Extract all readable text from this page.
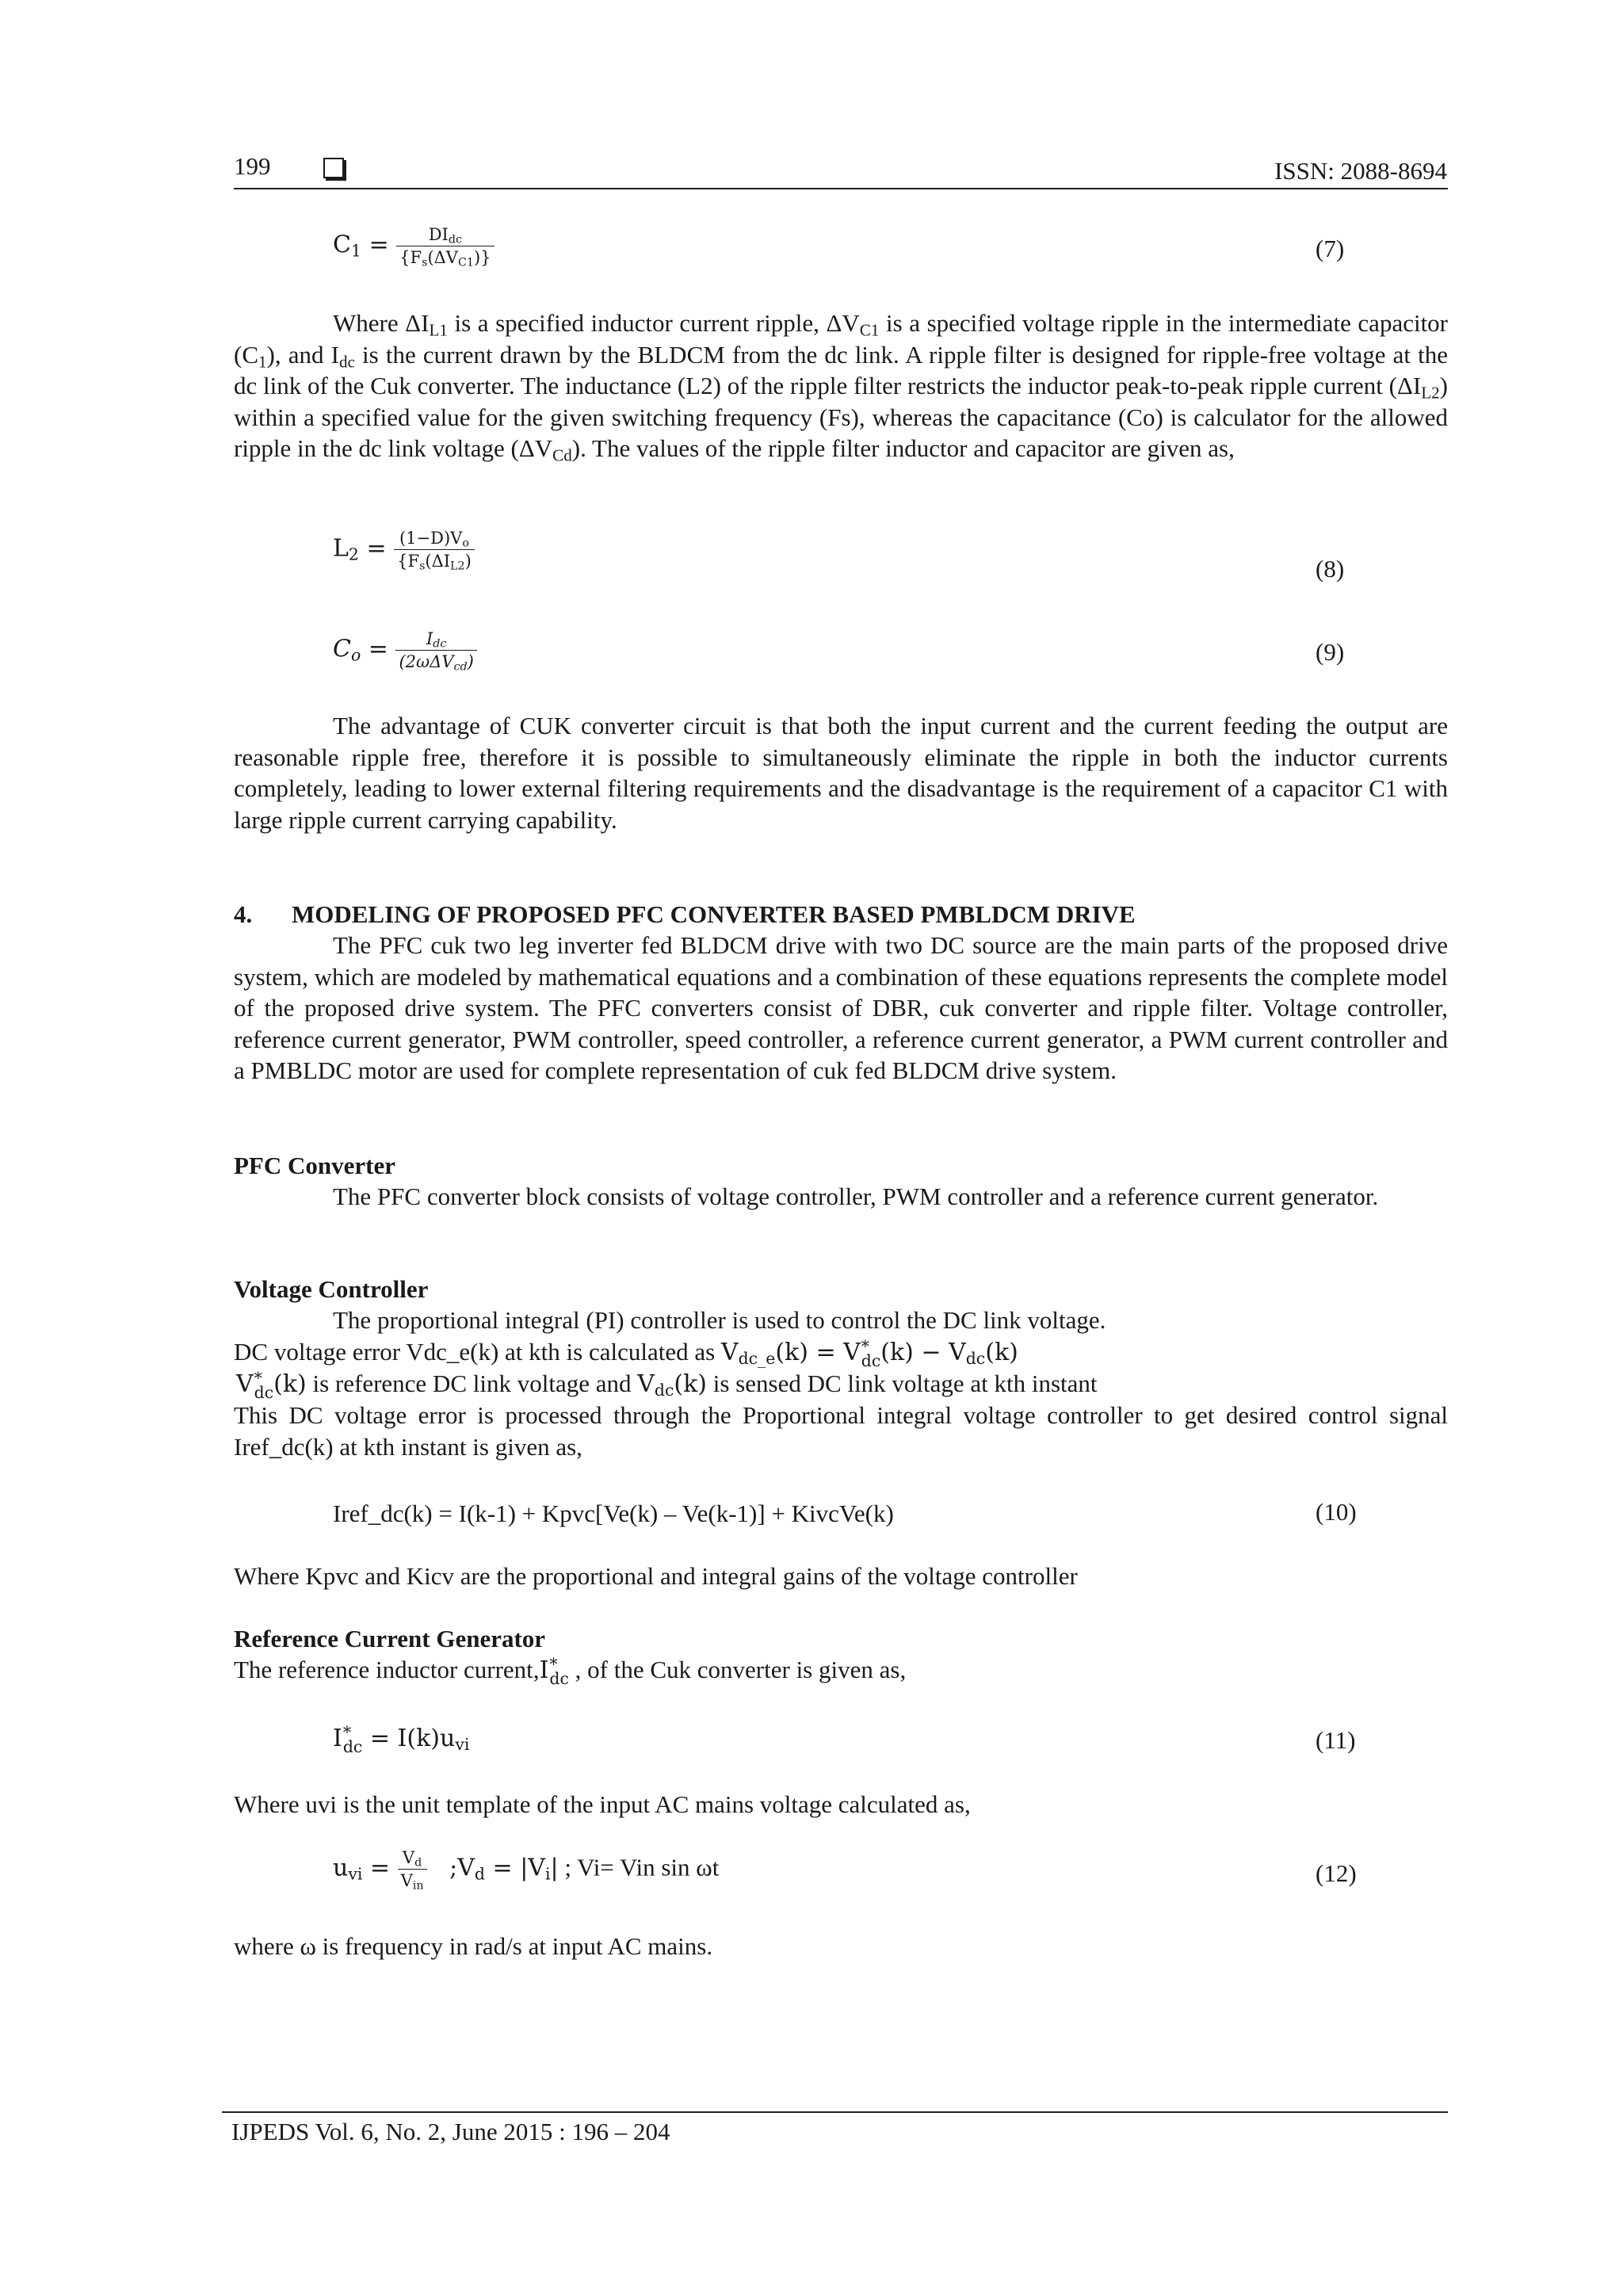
199	ISSN: 2088-8694
$C_1 = \frac{DI_{dc}}{\{F_s(\Delta V_{C1})\}}$	(7)
Where $\Delta I_{L1}$ is a specified inductor current ripple, $\Delta V_{C1}$ is a specified voltage ripple in the intermediate capacitor $(C_1)$, and $I_{dc}$ is the current drawn by the BLDCM from the dc link. A ripple filter is designed for ripple-free voltage at the dc link of the Cuk converter. The inductance (L2) of the ripple filter restricts the inductor peak-to-peak ripple current $(\Delta I_{L2})$ within a specified value for the given switching frequency (Fs), whereas the capacitance (Co) is calculator for the allowed ripple in the dc link voltage $(\Delta V_{Cd})$. The values of the ripple filter inductor and capacitor are given as,
$L_2 = \frac{(1-D)V_o}{\{F_s(\Delta I_{L2})}$	(8)
$C_o = \frac{I_{dc}}{(2\omega\Delta V_{cd})}$	(9)
The advantage of CUK converter circuit is that both the input current and the current feeding the output are reasonable ripple free, therefore it is possible to simultaneously eliminate the ripple in both the inductor currents completely, leading to lower external filtering requirements and the disadvantage is the requirement of a capacitor C1 with large ripple current carrying capability.
4. MODELING OF PROPOSED PFC CONVERTER BASED PMBLDCM DRIVE
The PFC cuk two leg inverter fed BLDCM drive with two DC source are the main parts of the proposed drive system, which are modeled by mathematical equations and a combination of these equations represents the complete model of the proposed drive system. The PFC converters consist of DBR, cuk converter and ripple filter. Voltage controller, reference current generator, PWM controller, speed controller, a reference current generator, a PWM current controller and a PMBLDC motor are used for complete representation of cuk fed BLDCM drive system.
PFC Converter
The PFC converter block consists of voltage controller, PWM controller and a reference current generator.
Voltage Controller
The proportional integral (PI) controller is used to control the DC link voltage.
DC voltage error Vdc_e(k) at kth is calculated as $V_{dc\_e}(k) = V$ *
dc $(k) - V_{dc}(k)$
V *
dc (k) is reference DC link voltage and $V_{dc}(k)$ is sensed DC link voltage at kth instant
This DC voltage error is processed through the Proportional integral voltage controller to get desired control signal Iref_dc(k) at kth instant is given as,
Iref_dc(k) = I(k-1) + Kpvc[Ve(k) – Ve(k-1)] + KivcVe(k)	(10)
Where Kpvc and Kicv are the proportional and integral gains of the voltage controller
Reference Current Generator
The reference inductor current,I *
dc , of the Cuk converter is given as,
I *
dc = $I(k)u_{vi}$	(11)
Where uvi is the unit template of the input AC mains voltage calculated as,
$u_{vi} = \frac{V_d}{V_{in}}$ $;V_d = |V_i|$ ; Vi= Vin sin ωt	(12)
where ω is frequency in rad/s at input AC mains.
IJPEDS Vol. 6, No. 2, June 2015 : 196 – 204
